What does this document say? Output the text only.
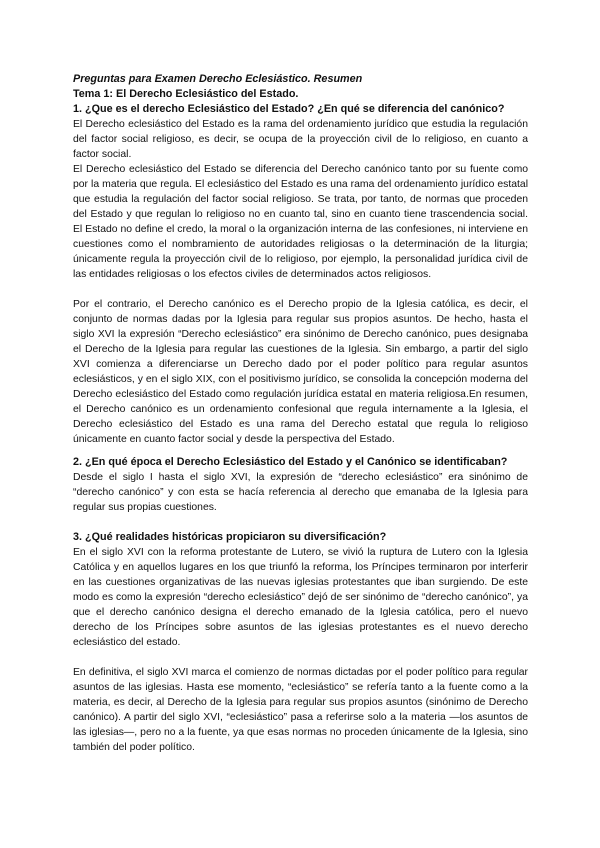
Preguntas para Examen Derecho Eclesiástico. Resumen
Tema 1: El Derecho Eclesiástico del Estado.
1. ¿Que es el derecho Eclesiástico del Estado? ¿En qué se diferencia del canónico?

El Derecho eclesiástico del Estado es la rama del ordenamiento jurídico que estudia la regulación del factor social religioso, es decir, se ocupa de la proyección civil de lo religioso, en cuanto a factor social.

El Derecho eclesiástico del Estado se diferencia del Derecho canónico tanto por su fuente como por la materia que regula. El eclesiástico del Estado es una rama del ordenamiento jurídico estatal que estudia la regulación del factor social religioso. Se trata, por tanto, de normas que proceden del Estado y que regulan lo religioso no en cuanto tal, sino en cuanto tiene trascendencia social. El Estado no define el credo, la moral o la organización interna de las confesiones, ni interviene en cuestiones como el nombramiento de autoridades religiosas o la determinación de la liturgia; únicamente regula la proyección civil de lo religioso, por ejemplo, la personalidad jurídica civil de las entidades religiosas o los efectos civiles de determinados actos religiosos.

Por el contrario, el Derecho canónico es el Derecho propio de la Iglesia católica, es decir, el conjunto de normas dadas por la Iglesia para regular sus propios asuntos. De hecho, hasta el siglo XVI la expresión “Derecho eclesiástico” era sinónimo de Derecho canónico, pues designaba el Derecho de la Iglesia para regular las cuestiones de la Iglesia. Sin embargo, a partir del siglo XVI comienza a diferenciarse un Derecho dado por el poder político para regular asuntos eclesiásticos, y en el siglo XIX, con el positivismo jurídico, se consolida la concepción moderna del Derecho eclesiástico del Estado como regulación jurídica estatal en materia religiosa.En resumen, el Derecho canónico es un ordenamiento confesional que regula internamente a la Iglesia, el Derecho eclesiástico del Estado es una rama del Derecho estatal que regula lo religioso únicamente en cuanto factor social y desde la perspectiva del Estado.

2. ¿En qué época el Derecho Eclesiástico del Estado y el Canónico se identificaban?

Desde el siglo I hasta el siglo XVI, la expresión de “derecho eclesiástico” era sinónimo de “derecho canónico” y con esta se hacía referencia al derecho que emanaba de la Iglesia para regular sus propias cuestiones.

3. ¿Qué realidades históricas propiciaron su diversificación?

En el siglo XVI con la reforma protestante de Lutero, se vivió la ruptura de Lutero con la Iglesia Católica y en aquellos lugares en los que triunfó la reforma, los Príncipes terminaron por interferir en las cuestiones organizativas de las nuevas iglesias protestantes que iban surgiendo. De este modo es como la expresión “derecho eclesiástico” dejó de ser sinónimo de “derecho canónico”, ya que el derecho canónico designa el derecho emanado de la Iglesia católica, pero el nuevo derecho de los Príncipes sobre asuntos de las iglesias protestantes es el nuevo derecho eclesiástico del estado.

En definitiva, el siglo XVI marca el comienzo de normas dictadas por el poder político para regular asuntos de las iglesias. Hasta ese momento, “eclesiástico” se refería tanto a la fuente como a la materia, es decir, al Derecho de la Iglesia para regular sus propios asuntos (sinónimo de Derecho canónico). A partir del siglo XVI, “eclesiástico” pasa a referirse solo a la materia —los asuntos de las iglesias—, pero no a la fuente, ya que esas normas no proceden únicamente de la Iglesia, sino también del poder político.
